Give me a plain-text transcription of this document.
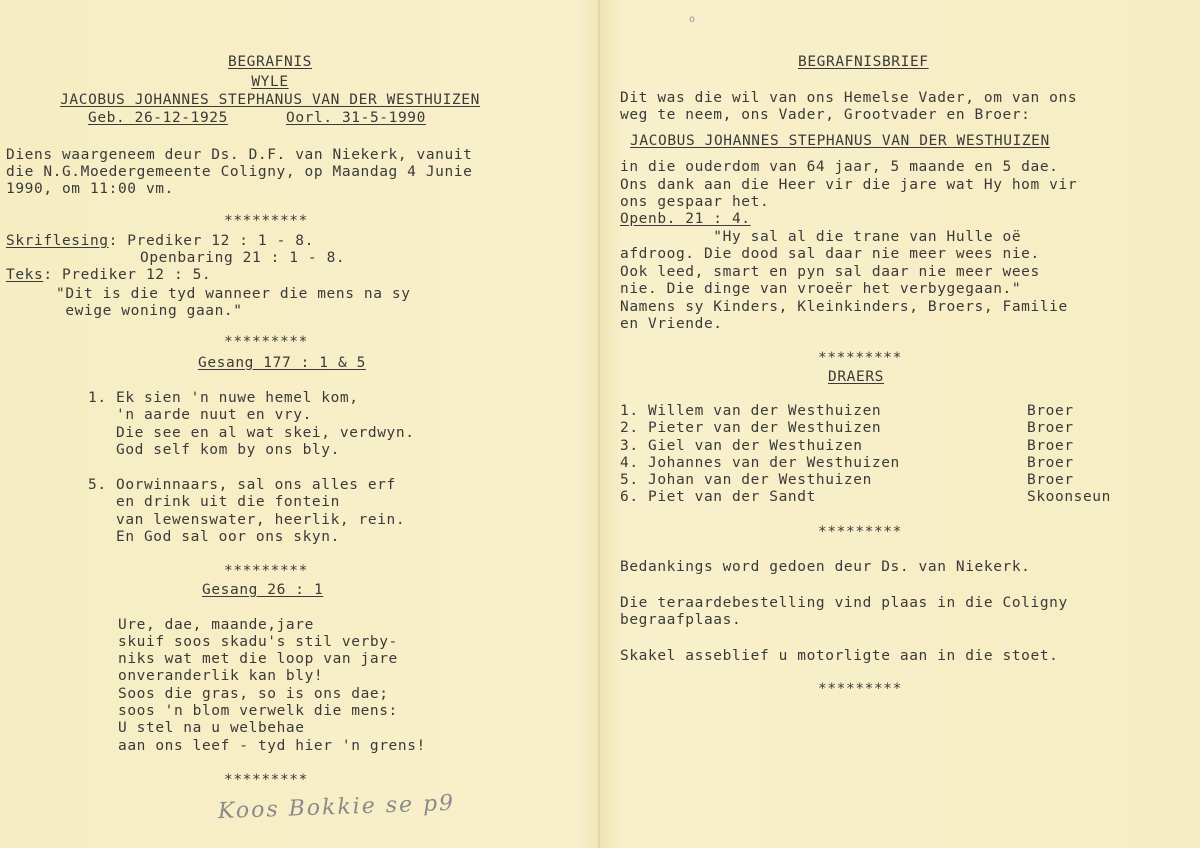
o
BEGRAFNIS
WYLE
JACOBUS JOHANNES STEPHANUS VAN DER WESTHUIZEN
Geb. 26-12-1925	Oorl. 31-5-1990
Diens waargeneem deur Ds. D.F. van Niekerk, vanuit
die N.G.Moedergemeente Coligny, op Maandag 4 Junie
1990, om 11:00 vm.
*********
Skriflesing: Prediker 12 : 1 - 8.
Openbaring 21 : 1 - 8.
Teks: Prediker 12 : 5.
"Dit is die tyd wanneer die mens na sy
ewige woning gaan."
*********
Gesang 177 : 1 & 5
1. Ek sien 'n nuwe hemel kom,
'n aarde nuut en vry.
Die see en al wat skei, verdwyn.
God self kom by ons bly.
5. Oorwinnaars, sal ons alles erf
en drink uit die fontein
van lewenswater, heerlik, rein.
En God sal oor ons skyn.
*********
Gesang 26 : 1
Ure, dae, maande,jare
skuif soos skadu's stil verby-
niks wat met die loop van jare
onveranderlik kan bly!
Soos die gras, so is ons dae;
soos 'n blom verwelk die mens:
U stel na u welbehae
aan ons leef - tyd hier 'n grens!
*********
Koos Bokkie se p9
BEGRAFNISBRIEF
Dit was die wil van ons Hemelse Vader, om van ons
weg te neem, ons Vader, Grootvader en Broer:
JACOBUS JOHANNES STEPHANUS VAN DER WESTHUIZEN
in die ouderdom van 64 jaar, 5 maande en 5 dae.
Ons dank aan die Heer vir die jare wat Hy hom vir
ons gespaar het.
Openb. 21 : 4.
"Hy sal al die trane van Hulle oë
afdroog. Die dood sal daar nie meer wees nie.
Ook leed, smart en pyn sal daar nie meer wees
nie. Die dinge van vroeër het verbygegaan."
Namens sy Kinders, Kleinkinders, Broers, Familie
en Vriende.
*********
DRAERS
1. Willem van der Westhuizen	Broer
2. Pieter van der Westhuizen	Broer
3. Giel van der Westhuizen	Broer
4. Johannes van der Westhuizen	Broer
5. Johan van der Westhuizen	Broer
6. Piet van der Sandt	Skoonseun
*********
Bedankings word gedoen deur Ds. van Niekerk.
Die teraardebestelling vind plaas in die Coligny
begraafplaas.
Skakel asseblief u motorligte aan in die stoet.
*********
